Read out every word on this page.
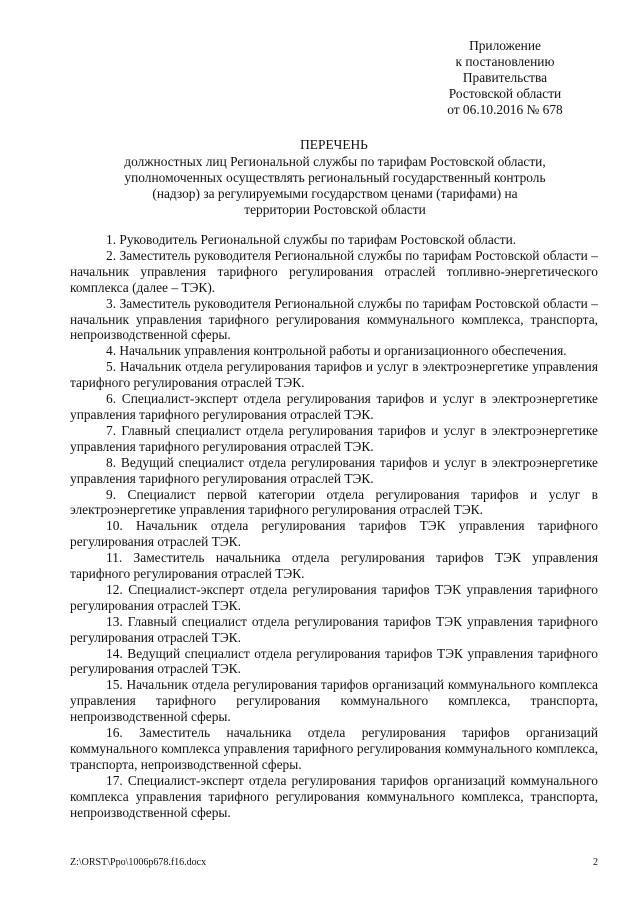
Приложение
к постановлению
Правительства
Ростовской области
от 06.10.2016 № 678
ПЕРЕЧЕНЬ
должностных лиц Региональной службы по тарифам Ростовской области, уполномоченных осуществлять региональный государственный контроль (надзор) за регулируемыми государством ценами (тарифами) на территории Ростовской области
1. Руководитель Региональной службы по тарифам Ростовской области.
2. Заместитель руководителя Региональной службы по тарифам Ростовской области – начальник управления тарифного регулирования отраслей топливно-энергетического комплекса (далее – ТЭК).
3. Заместитель руководителя Региональной службы по тарифам Ростовской области – начальник управления тарифного регулирования коммунального комплекса, транспорта, непроизводственной сферы.
4. Начальник управления контрольной работы и организационного обеспечения.
5. Начальник отдела регулирования тарифов и услуг в электроэнергетике управления тарифного регулирования отраслей ТЭК.
6. Специалист-эксперт отдела регулирования тарифов и услуг в электроэнергетике управления тарифного регулирования отраслей ТЭК.
7. Главный специалист отдела регулирования тарифов и услуг в электроэнергетике управления тарифного регулирования отраслей ТЭК.
8. Ведущий специалист отдела регулирования тарифов и услуг в электроэнергетике управления тарифного регулирования отраслей ТЭК.
9. Специалист первой категории отдела регулирования тарифов и услуг в электроэнергетике управления тарифного регулирования отраслей ТЭК.
10. Начальник отдела регулирования тарифов ТЭК управления тарифного регулирования отраслей ТЭК.
11. Заместитель начальника отдела регулирования тарифов ТЭК управления тарифного регулирования отраслей ТЭК.
12. Специалист-эксперт отдела регулирования тарифов ТЭК управления тарифного регулирования отраслей ТЭК.
13. Главный специалист отдела регулирования тарифов ТЭК управления тарифного регулирования отраслей ТЭК.
14. Ведущий специалист отдела регулирования тарифов ТЭК управления тарифного регулирования отраслей ТЭК.
15. Начальник отдела регулирования тарифов организаций коммунального комплекса управления тарифного регулирования коммунального комплекса, транспорта, непроизводственной сферы.
16. Заместитель начальника отдела регулирования тарифов организаций коммунального комплекса управления тарифного регулирования коммунального комплекса, транспорта, непроизводственной сферы.
17. Специалист-эксперт отдела регулирования тарифов организаций коммунального комплекса управления тарифного регулирования коммунального комплекса, транспорта, непроизводственной сферы.
Z:\ORST\Ppo\1006p678.f16.docx	2
